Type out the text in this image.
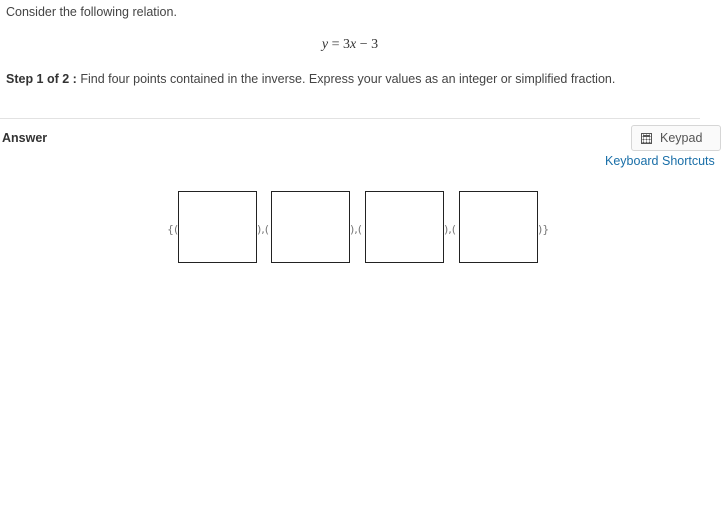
Consider the following relation.
y = 3x − 3
Step 1 of 2 : Find four points contained in the inverse. Express your values as an integer or simplified fraction.
Answer	Keypad
Keyboard Shortcuts
{(	),(	),(	),(	)}
